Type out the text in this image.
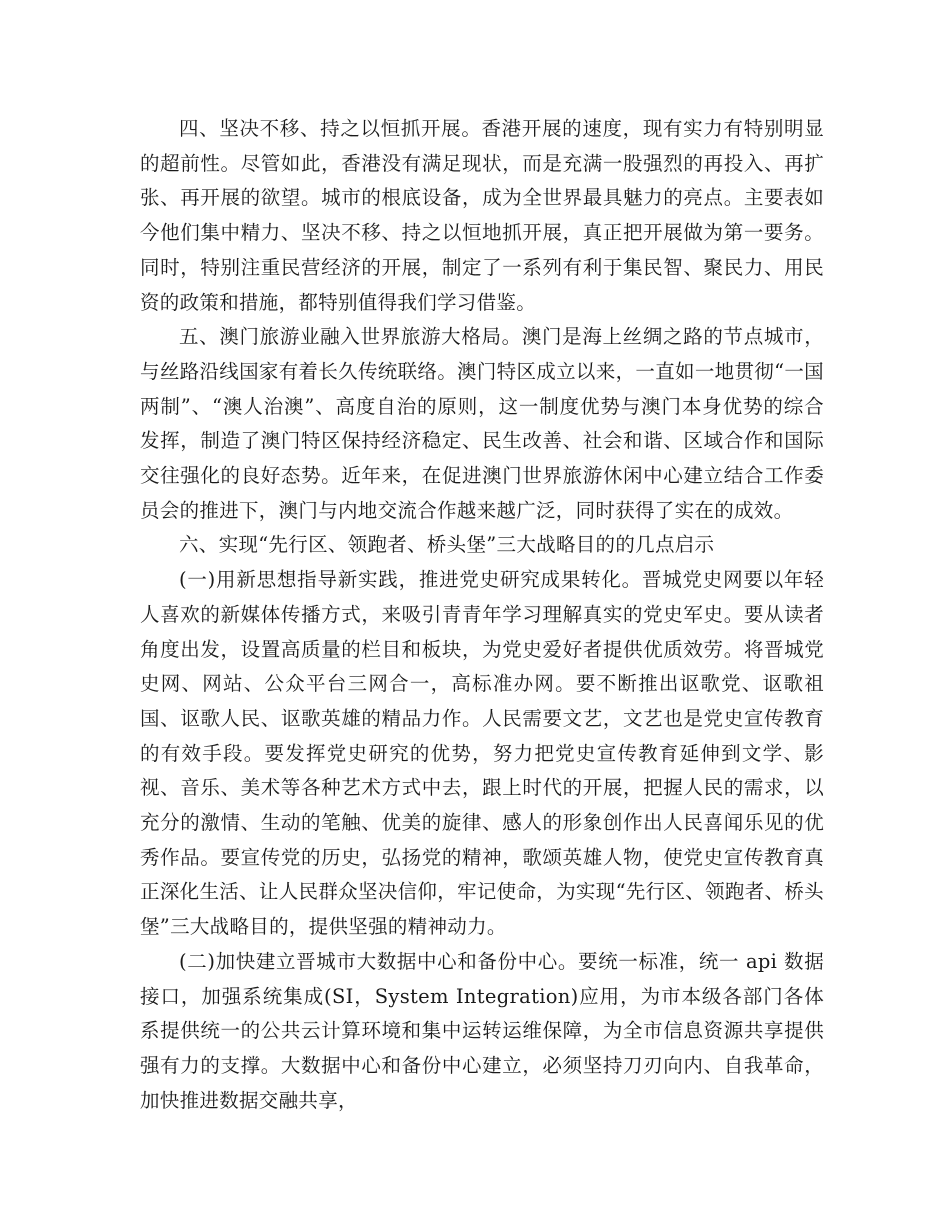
四、坚决不移、持之以恒抓开展。香港开展的速度，现有实力有特别明显的超前性。尽管如此，香港没有满足现状，而是充满一股强烈的再投入、再扩张、再开展的欲望。城市的根底设备，成为全世界最具魅力的亮点。主要表如今他们集中精力、坚决不移、持之以恒地抓开展，真正把开展做为第一要务。同时，特别注重民营经济的开展，制定了一系列有利于集民智、聚民力、用民资的政策和措施，都特别值得我们学习借鉴。

五、澳门旅游业融入世界旅游大格局。澳门是海上丝绸之路的节点城市，与丝路沿线国家有着长久传统联络。澳门特区成立以来，一直如一地贯彻“一国两制”、“澳人治澳”、高度自治的原则，这一制度优势与澳门本身优势的综合发挥，制造了澳门特区保持经济稳定、民生改善、社会和谐、区域合作和国际交往强化的良好态势。近年来，在促进澳门世界旅游休闲中心建立结合工作委员会的推进下，澳门与内地交流合作越来越广泛，同时获得了实在的成效。

六、实现“先行区、领跑者、桥头堡”三大战略目的的几点启示

(一)用新思想指导新实践，推进党史研究成果转化。晋城党史网要以年轻人喜欢的新媒体传播方式，来吸引青青年学习理解真实的党史军史。要从读者角度出发，设置高质量的栏目和板块，为党史爱好者提供优质效劳。将晋城党史网、网站、公众平台三网合一，高标准办网。要不断推出讴歌党、讴歌祖国、讴歌人民、讴歌英雄的精品力作。人民需要文艺，文艺也是党史宣传教育的有效手段。要发挥党史研究的优势，努力把党史宣传教育延伸到文学、影视、音乐、美术等各种艺术方式中去，跟上时代的开展，把握人民的需求，以充分的激情、生动的笔触、优美的旋律、感人的形象创作出人民喜闻乐见的优秀作品。要宣传党的历史，弘扬党的精神，歌颂英雄人物，使党史宣传教育真正深化生活、让人民群众坚决信仰，牢记使命，为实现“先行区、领跑者、桥头堡”三大战略目的，提供坚强的精神动力。

(二)加快建立晋城市大数据中心和备份中心。要统一标准，统一 api 数据接口，加强系统集成(SI，System Integration)应用，为市本级各部门各体系提供统一的公共云计算环境和集中运转运维保障，为全市信息资源共享提供强有力的支撑。大数据中心和备份中心建立，必须坚持刀刃向内、自我革命，加快推进数据交融共享，
